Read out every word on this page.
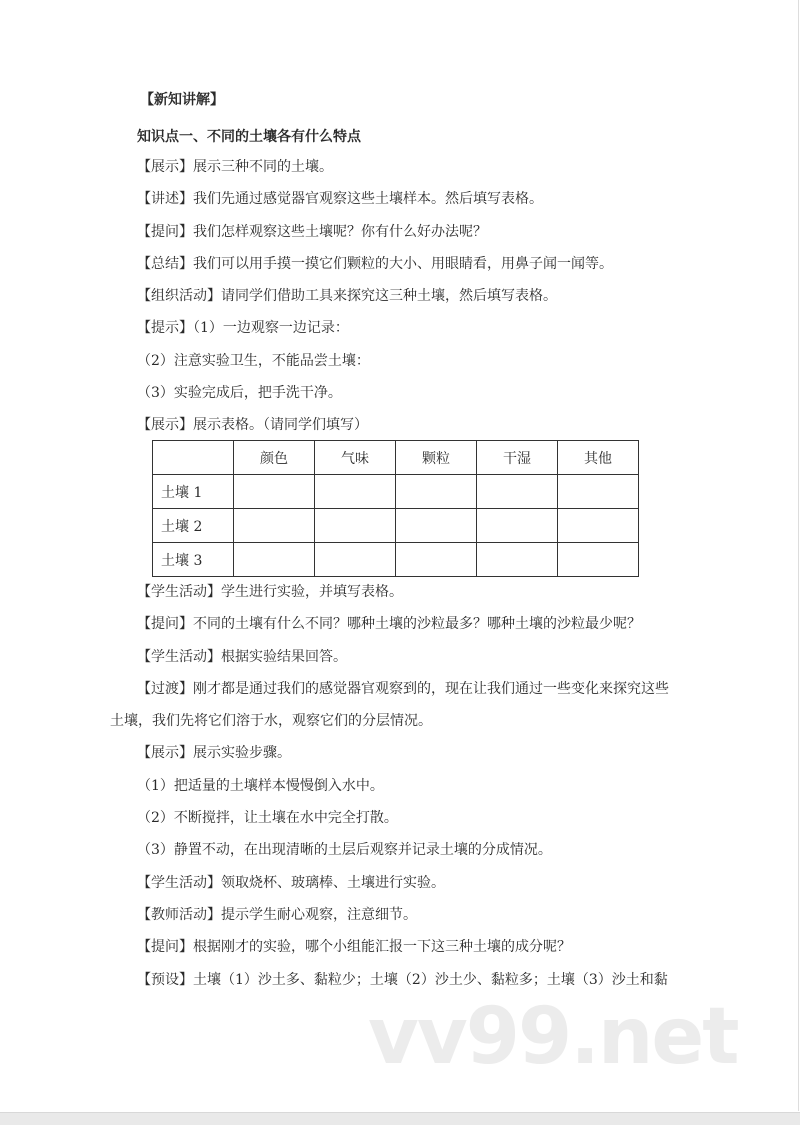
【新知讲解】
知识点一、不同的土壤各有什么特点
【展示】展示三种不同的土壤。
【讲述】我们先通过感觉器官观察这些土壤样本。然后填写表格。
【提问】我们怎样观察这些土壤呢？你有什么好办法呢？
【总结】我们可以用手摸一摸它们颗粒的大小、用眼睛看，用鼻子闻一闻等。
【组织活动】请同学们借助工具来探究这三种土壤，然后填写表格。
【提示】（1）一边观察一边记录：
（2）注意实验卫生，不能品尝土壤：
（3）实验完成后，把手洗干净。
【展示】展示表格。（请同学们填写）
	颜色	气味	颗粒	干湿	其他
土壤 1					
土壤 2					
土壤 3					
【学生活动】学生进行实验，并填写表格。
【提问】不同的土壤有什么不同？哪种土壤的沙粒最多？哪种土壤的沙粒最少呢？
【学生活动】根据实验结果回答。
【过渡】刚才都是通过我们的感觉器官观察到的，现在让我们通过一些变化来探究这些
土壤，我们先将它们溶于水，观察它们的分层情况。
【展示】展示实验步骤。
（1）把适量的土壤样本慢慢倒入水中。
（2）不断搅拌，让土壤在水中完全打散。
（3）静置不动，在出现清晰的土层后观察并记录土壤的分成情况。
【学生活动】领取烧杯、玻璃棒、土壤进行实验。
【教师活动】提示学生耐心观察，注意细节。
【提问】根据刚才的实验，哪个小组能汇报一下这三种土壤的成分呢？
【预设】土壤（1）沙土多、黏粒少；土壤（2）沙土少、黏粒多；土壤（3）沙土和黏
vv99.net
